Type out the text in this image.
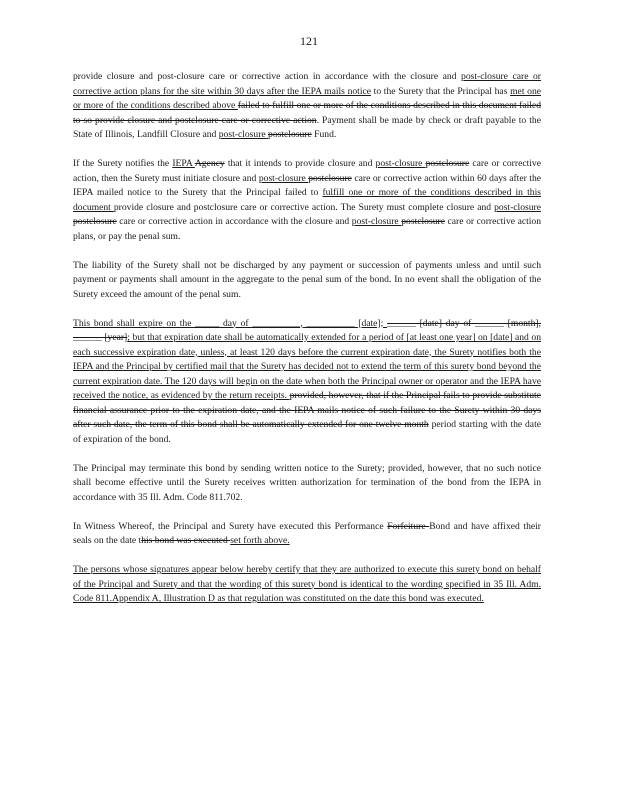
121

provide closure and post-closure care or corrective action in accordance with the closure and post-closure care or corrective action plans for the site within 30 days after the IEPA mails notice to the Surety that the Principal has met one or more of the conditions described above failed to fulfill one or more of the conditions described in this document failed to so provide closure and postclosure care or corrective action. Payment shall be made by check or draft payable to the State of Illinois, Landfill Closure and post-closure postclosure Fund.

If the Surety notifies the IEPA Agency that it intends to provide closure and post-closure postclosure care or corrective action, then the Surety must initiate closure and post-closure postclosure care or corrective action within 60 days after the IEPA mailed notice to the Surety that the Principal failed to fulfill one or more of the conditions described in this document provide closure and postclosure care or corrective action. The Surety must complete closure and post-closure postclosure care or corrective action in accordance with the closure and post-closure postclosure care or corrective action plans, or pay the penal sum.

The liability of the Surety shall not be discharged by any payment or succession of payments unless and until such payment or payments shall amount in the aggregate to the penal sum of the bond. In no event shall the obligation of the Surety exceed the amount of the penal sum.

This bond shall expire on the _____ day of __________, __________ [date]; ______ [date] day of ______ [month], ______ [year]; but that expiration date shall be automatically extended for a period of [at least one year] on [date] and on each successive expiration date, unless, at least 120 days before the current expiration date, the Surety notifies both the IEPA and the Principal by certified mail that the Surety has decided not to extend the term of this surety bond beyond the current expiration date. The 120 days will begin on the date when both the Principal owner or operator and the IEPA have received the notice, as evidenced by the return receipts. provided, however, that if the Principal fails to provide substitute financial assurance prior to the expiration date, and the IEPA mails notice of such failure to the Surety within 30 days after such date, the term of this bond shall be automatically extended for one twelve month period starting with the date of expiration of the bond.

The Principal may terminate this bond by sending written notice to the Surety; provided, however, that no such notice shall become effective until the Surety receives written authorization for termination of the bond from the IEPA in accordance with 35 Ill. Adm. Code 811.702.

In Witness Whereof, the Principal and Surety have executed this Performance Forfeiture Bond and have affixed their seals on the date this bond was executed set forth above.

The persons whose signatures appear below hereby certify that they are authorized to execute this surety bond on behalf of the Principal and Surety and that the wording of this surety bond is identical to the wording specified in 35 Ill. Adm. Code 811.Appendix A, Illustration D as that regulation was constituted on the date this bond was executed.
